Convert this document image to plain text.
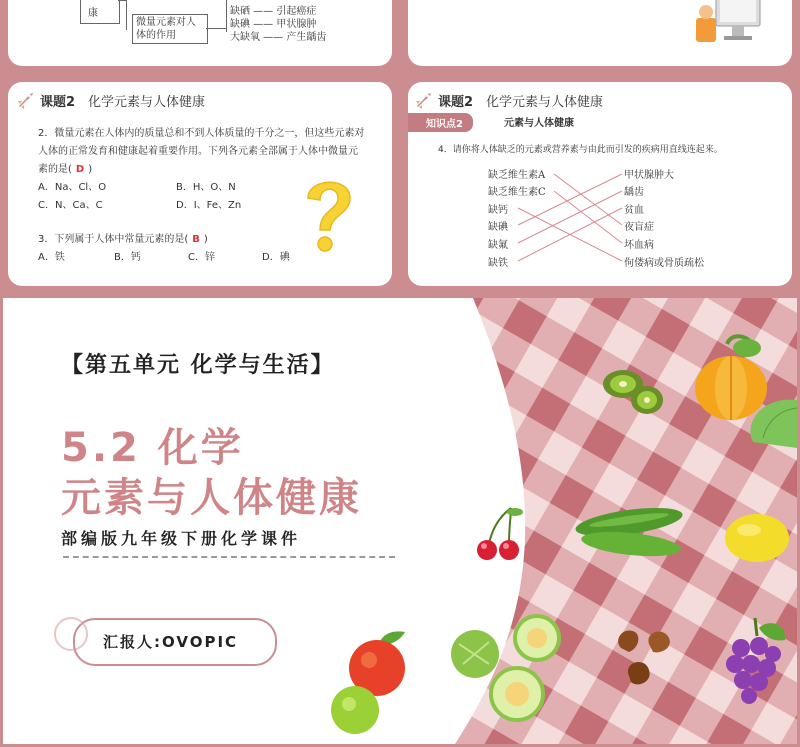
康
微量元素对人体的作用
缺硒 —— 引起癌症
缺碘 —— 甲状腺肿
大缺氧 —— 产生龋齿
课题2 化学元素与人体健康
2．微量元素在人体内的质量总和不到人体质量的千分之一，但这些元素对
人体的正常发育和健康起着重要作用。下列各元素全部属于人体中微量元
素的是( D )
A．Na、Cl、O	B．H、O、N
C．N、Ca、C	D．I、Fe、Zn
3．下列属于人体中常量元素的是( B )
A．铁	B．钙	C．锌	D．碘
课题2 化学元素与人体健康
知识点2	元素与人体健康
4．请你将人体缺乏的元素或营养素与由此而引发的疾病用直线连起来。
缺乏维生素A
缺乏维生素C
缺钙
缺碘
缺氟
缺铁
甲状腺肿大
龋齿
贫血
夜盲症
坏血病
佝偻病或骨质疏松
【第五单元 化学与生活】
5.2 化学
元素与人体健康
部编版九年级下册化学课件
汇报人:OVOPIC
